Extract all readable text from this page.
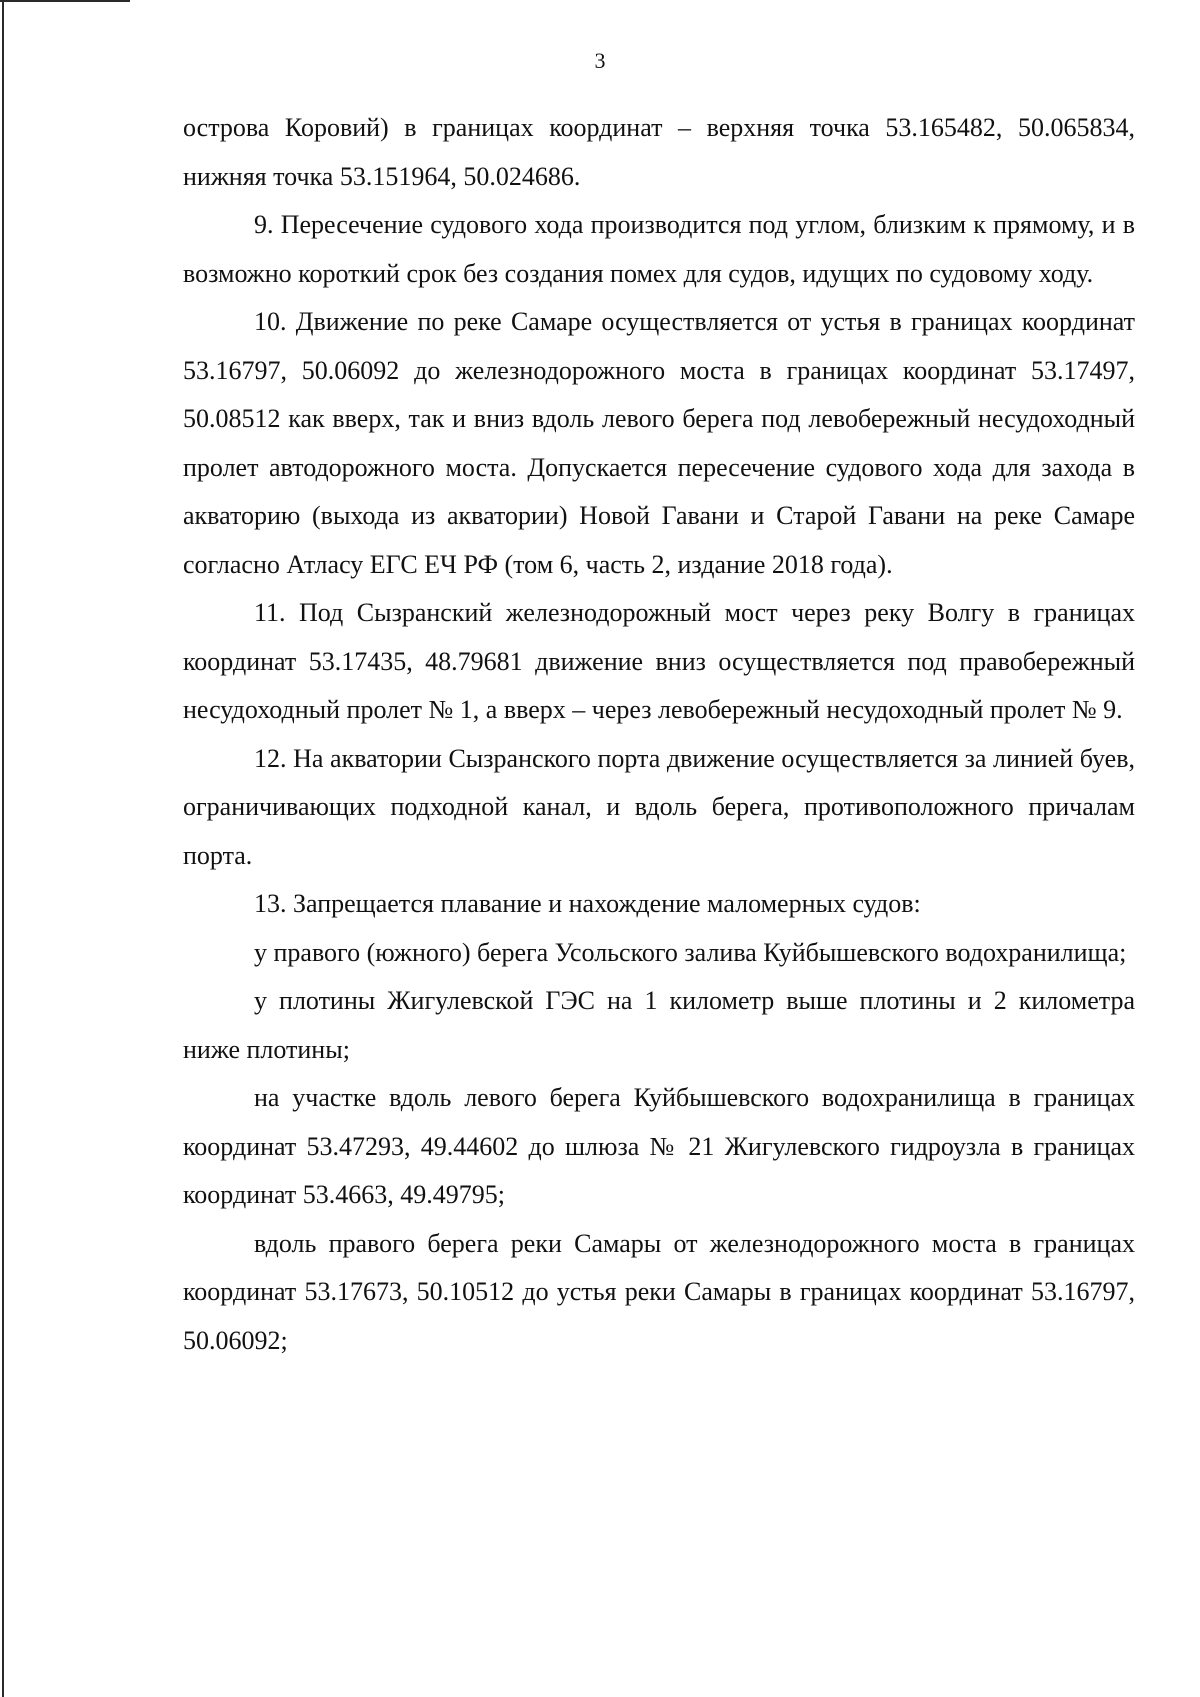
3

острова Коровий) в границах координат – верхняя точка 53.165482, 50.065834, нижняя точка 53.151964, 50.024686.

9. Пересечение судового хода производится под углом, близким к прямому, и в возможно короткий срок без создания помех для судов, идущих по судовому ходу.

10. Движение по реке Самаре осуществляется от устья в границах координат 53.16797, 50.06092 до железнодорожного моста в границах координат 53.17497, 50.08512 как вверх, так и вниз вдоль левого берега под левобережный несудоходный пролет автодорожного моста. Допускается пересечение судового хода для захода в акваторию (выхода из акватории) Новой Гавани и Старой Гавани на реке Самаре согласно Атласу ЕГС ЕЧ РФ (том 6, часть 2, издание 2018 года).

11. Под Сызранский железнодорожный мост через реку Волгу в границах координат 53.17435, 48.79681 движение вниз осуществляется под правобережный несудоходный пролет № 1, а вверх – через левобережный несудоходный пролет № 9.

12. На акватории Сызранского порта движение осуществляется за линией буев, ограничивающих подходной канал, и вдоль берега, противоположного причалам порта.

13. Запрещается плавание и нахождение маломерных судов:

у правого (южного) берега Усольского залива Куйбышевского водохранилища;

у плотины Жигулевской ГЭС на 1 километр выше плотины и 2 километра ниже плотины;

на участке вдоль левого берега Куйбышевского водохранилища в границах координат 53.47293, 49.44602 до шлюза № 21 Жигулевского гидроузла в границах координат 53.4663, 49.49795;

вдоль правого берега реки Самары от железнодорожного моста в границах координат 53.17673, 50.10512 до устья реки Самары в границах координат 53.16797, 50.06092;
